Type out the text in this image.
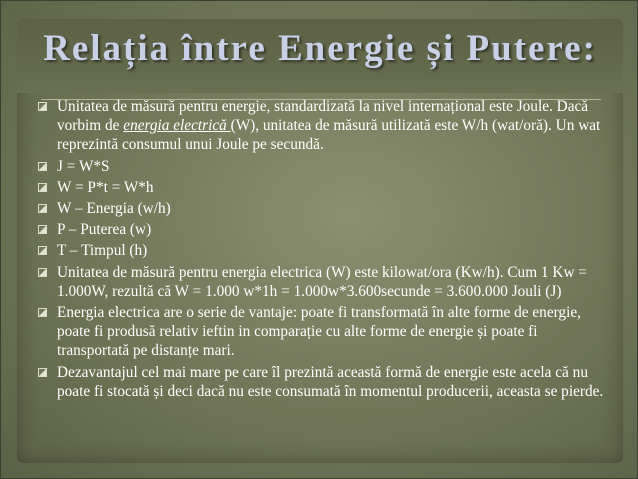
Relația între Energie și Putere:
Unitatea de măsură pentru energie, standardizată la nivel internațional este Joule. Dacă vorbim de energia electrică (W), unitatea de măsură utilizată este W/h (wat/oră). Un wat reprezintă consumul unui Joule pe secundă.
J = W*S
W = P*t = W*h
W – Energia (w/h)
P – Puterea (w)
T – Timpul (h)
Unitatea de măsură pentru energia electrica (W) este kilowat/ora (Kw/h). Cum 1 Kw = 1.000W, rezultă că W = 1.000 w*1h = 1.000w*3.600secunde = 3.600.000 Jouli (J)
Energia electrica are o serie de vantaje: poate fi transformată în alte forme de energie, poate fi produsă relativ ieftin in comparație cu alte forme de energie și poate fi transportată pe distanțe mari.
Dezavantajul cel mai mare pe care îl prezintă această formă de energie este acela că nu poate fi stocată și deci dacă nu este consumată în momentul producerii, aceasta se pierde.
